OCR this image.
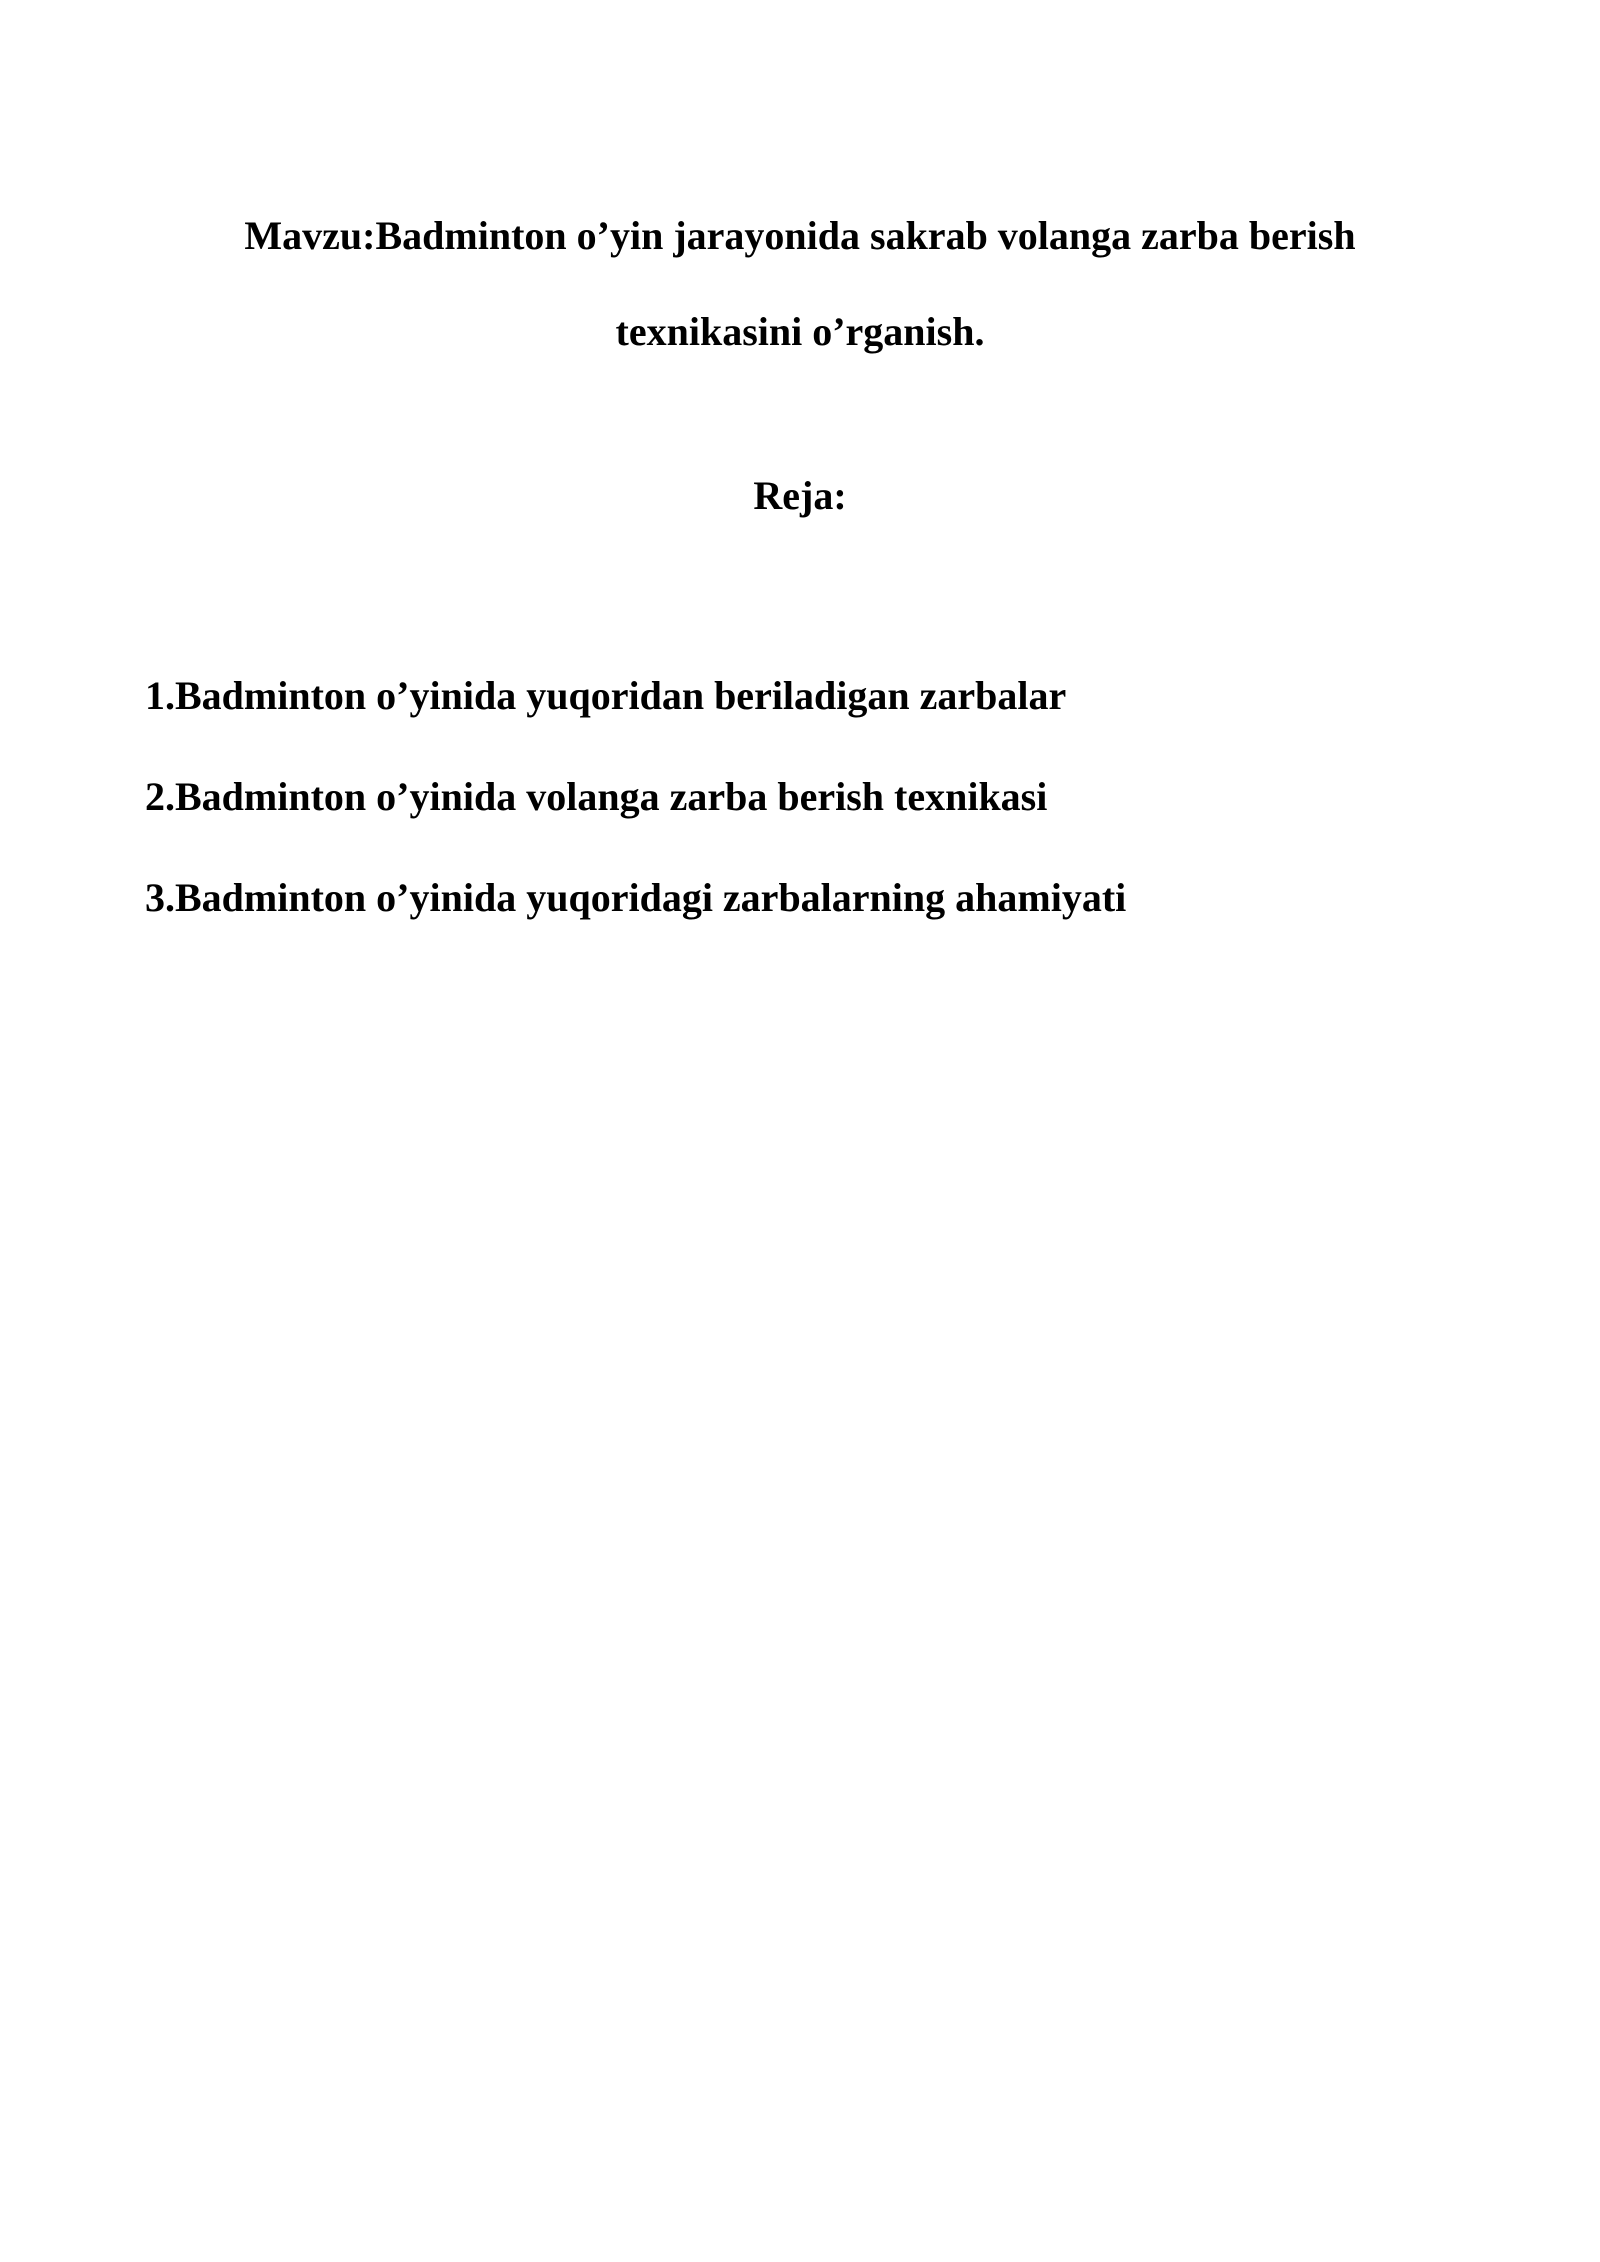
Mavzu:Badminton o’yin jarayonida sakrab volanga zarba berish
texnikasini o’rganish.
Reja:
1.Badminton o’yinida yuqoridan beriladigan zarbalar
2.Badminton o’yinida volanga zarba berish texnikasi
3.Badminton o’yinida yuqoridagi zarbalarning ahamiyati
